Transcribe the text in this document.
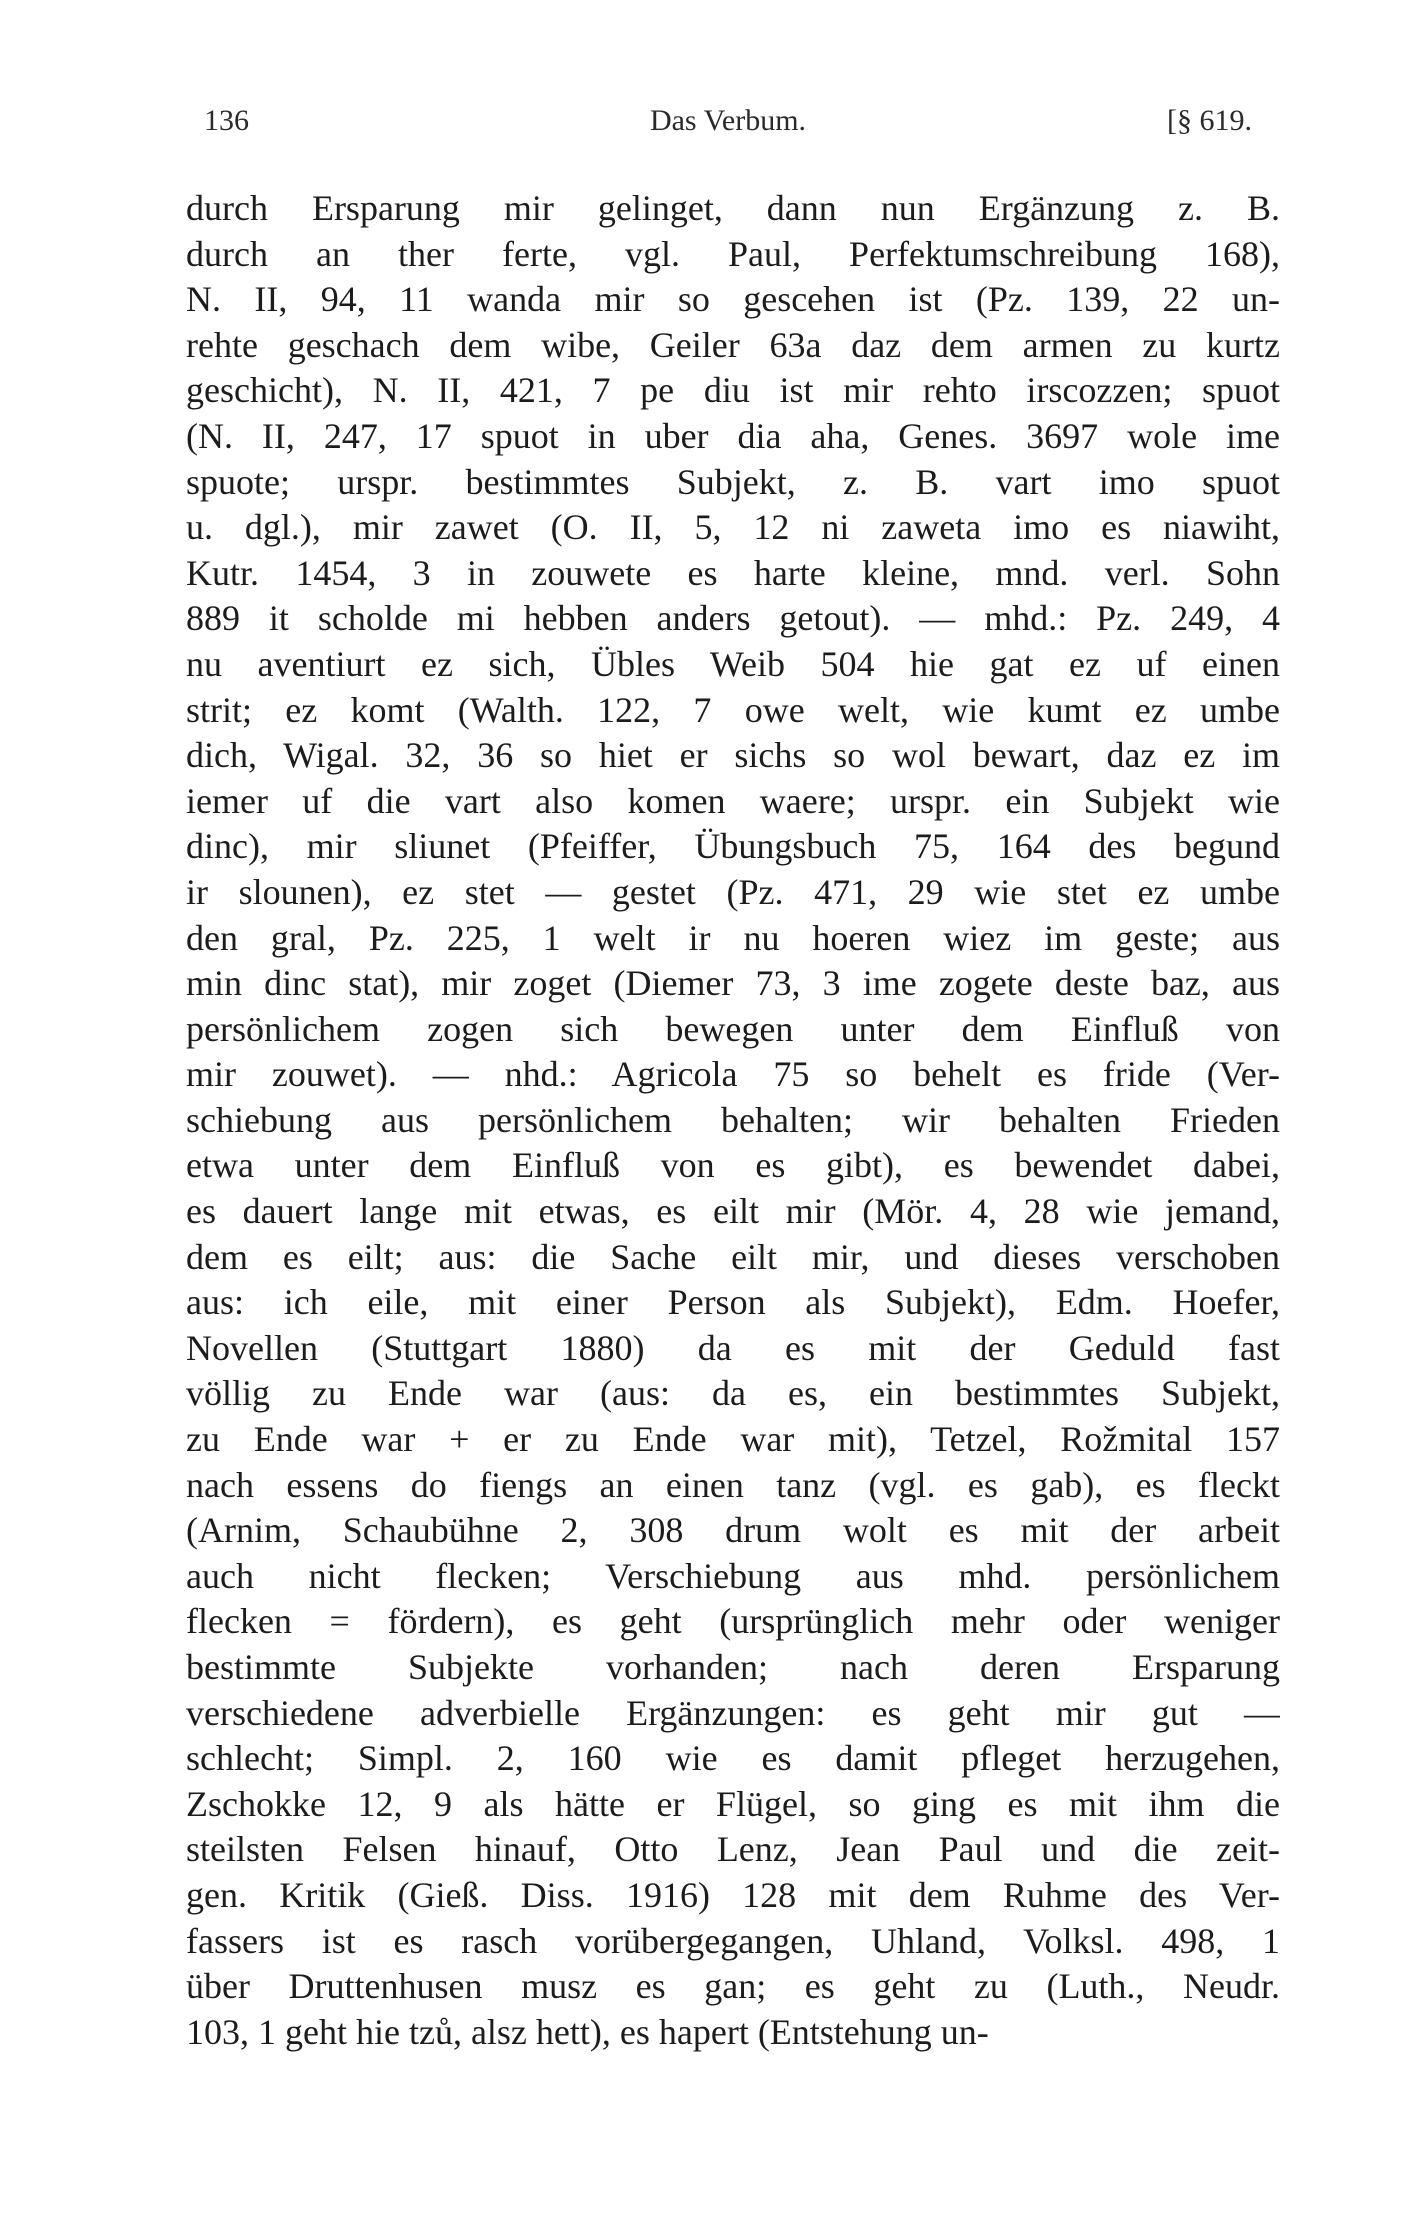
136	Das Verbum.	[§ 619.
durch Ersparung mir gelinget, dann nun Ergänzung z. B.
durch an ther ferte, vgl. Paul, Perfektumschreibung 168),
N. II, 94, 11 wanda mir so gescehen ist (Pz. 139, 22 un-
rehte geschach dem wibe, Geiler 63a daz dem armen zu kurtz
geschicht), N. II, 421, 7 pe diu ist mir rehto irscozzen; spuot
(N. II, 247, 17 spuot in uber dia aha, Genes. 3697 wole ime
spuote; urspr. bestimmtes Subjekt, z. B. vart imo spuot
u. dgl.), mir zawet (O. II, 5, 12 ni zaweta imo es niawiht,
Kutr. 1454, 3 in zouwete es harte kleine, mnd. verl. Sohn
889 it scholde mi hebben anders getout). — mhd.: Pz. 249, 4
nu aventiurt ez sich, Übles Weib 504 hie gat ez uf einen
strit; ez komt (Walth. 122, 7 owe welt, wie kumt ez umbe
dich, Wigal. 32, 36 so hiet er sichs so wol bewart, daz ez im
iemer uf die vart also komen waere; urspr. ein Subjekt wie
dinc), mir sliunet (Pfeiffer, Übungsbuch 75, 164 des begund
ir slounen), ez stet — gestet (Pz. 471, 29 wie stet ez umbe
den gral, Pz. 225, 1 welt ir nu hoeren wiez im geste; aus
min dinc stat), mir zoget (Diemer 73, 3 ime zogete deste baz, aus
persönlichem zogen sich bewegen unter dem Einfluß von
mir zouwet). — nhd.: Agricola 75 so behelt es fride (Ver-
schiebung aus persönlichem behalten; wir behalten Frieden
etwa unter dem Einfluß von es gibt), es bewendet dabei,
es dauert lange mit etwas, es eilt mir (Mör. 4, 28 wie jemand,
dem es eilt; aus: die Sache eilt mir, und dieses verschoben
aus: ich eile, mit einer Person als Subjekt), Edm. Hoefer,
Novellen (Stuttgart 1880) da es mit der Geduld fast
völlig zu Ende war (aus: da es, ein bestimmtes Subjekt,
zu Ende war + er zu Ende war mit), Tetzel, Rožmital 157
nach essens do fiengs an einen tanz (vgl. es gab), es fleckt
(Arnim, Schaubühne 2, 308 drum wolt es mit der arbeit
auch nicht flecken; Verschiebung aus mhd. persönlichem
flecken = fördern), es geht (ursprünglich mehr oder weniger
bestimmte Subjekte vorhanden; nach deren Ersparung
verschiedene adverbielle Ergänzungen: es geht mir gut —
schlecht; Simpl. 2, 160 wie es damit pfleget herzugehen,
Zschokke 12, 9 als hätte er Flügel, so ging es mit ihm die
steilsten Felsen hinauf, Otto Lenz, Jean Paul und die zeit-
gen. Kritik (Gieß. Diss. 1916) 128 mit dem Ruhme des Ver-
fassers ist es rasch vorübergegangen, Uhland, Volksl. 498, 1
über Druttenhusen musz es gan; es geht zu (Luth., Neudr.
103, 1 geht hie tzů, alsz hett), es hapert (Entstehung un-
